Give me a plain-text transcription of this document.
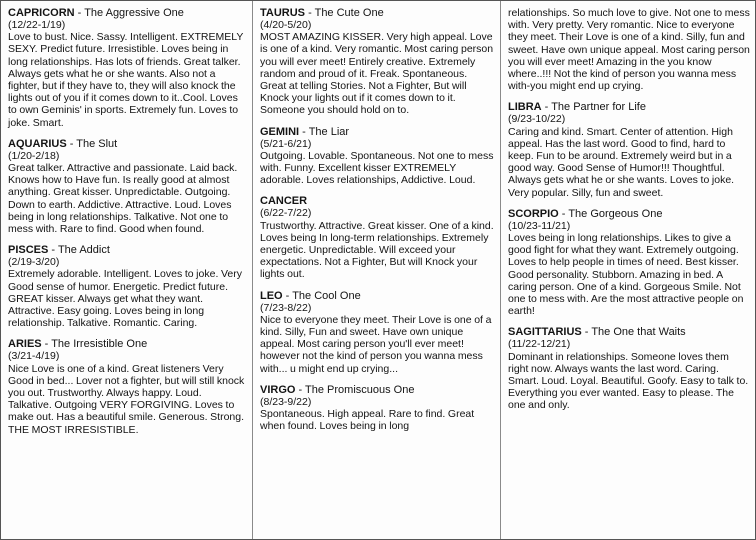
CAPRICORN - The Aggressive One
(12/22-1/19)
Love to bust. Nice. Sassy. Intelligent. EXTREMELY SEXY. Predict future. Irresistible. Loves being in long relationships. Has lots of friends. Great talker. Always gets what he or she wants. Also not a fighter, but if they have to, they will also knock the lights out of you if it comes down to it..Cool. Loves to own Geminis' in sports. Extremely fun. Loves to joke. Smart.
AQUARIUS - The Slut
(1/20-2/18)
Great talker. Attractive and passionate. Laid back. Knows how to Have fun. Is really good at almost anything. Great kisser. Unpredictable. Outgoing. Down to earth. Addictive. Attractive. Loud. Loves being in long relationships. Talkative. Not one to mess with. Rare to find. Good when found.
PISCES - The Addict
(2/19-3/20)
Extremely adorable. Intelligent. Loves to joke. Very Good sense of humor. Energetic. Predict future. GREAT kisser. Always get what they want. Attractive. Easy going. Loves being in long relationship. Talkative. Romantic. Caring.
ARIES - The Irresistible One
(3/21-4/19)
Nice Love is one of a kind. Great listeners Very Good in bed... Lover not a fighter, but will still knock you out. Trustworthy. Always happy. Loud. Talkative. Outgoing VERY FORGIVING. Loves to make out. Has a beautiful smile. Generous. Strong. THE MOST IRRESISTIBLE.
TAURUS - The Cute One
(4/20-5/20)
MOST AMAZING KISSER. Very high appeal. Love is one of a kind. Very romantic. Most caring person you will ever meet! Entirely creative. Extremely random and proud of it. Freak. Spontaneous. Great at telling Stories. Not a Fighter, But will Knock your lights out if it comes down to it. Someone you should hold on to.
GEMINI - The Liar
(5/21-6/21)
Outgoing. Lovable. Spontaneous. Not one to mess with. Funny. Excellent kisser EXTREMELY adorable. Loves relationships, Addictive. Loud.
CANCER
(6/22-7/22)
Trustworthy. Attractive. Great kisser. One of a kind. Loves being In long-term relationships. Extremely energetic. Unpredictable. Will exceed your expectations. Not a Fighter, But will Knock your lights out.
LEO - The Cool One
(7/23-8/22)
Nice to everyone they meet. Their Love is one of a kind. Silly, Fun and sweet. Have own unique appeal. Most caring person you'll ever meet! however not the kind of person you wanna mess with... u might end up crying...
VIRGO - The Promiscuous One
(8/23-9/22)
Spontaneous. High appeal. Rare to find. Great when found. Loves being in long
relationships. So much love to give. Not one to mess with. Very pretty. Very romantic. Nice to everyone they meet. Their Love is one of a kind. Silly, fun and sweet. Have own unique appeal. Most caring person you will ever meet! Amazing in the you know where..!!! Not the kind of person you wanna mess with-you might end up crying.
LIBRA - The Partner for Life
(9/23-10/22)
Caring and kind. Smart. Center of attention. High appeal. Has the last word. Good to find, hard to keep. Fun to be around. Extremely weird but in a good way. Good Sense of Humor!!! Thoughtful. Always gets what he or she wants. Loves to joke. Very popular. Silly, fun and sweet.
SCORPIO - The Gorgeous One
(10/23-11/21)
Loves being in long relationships. Likes to give a good fight for what they want. Extremely outgoing. Loves to help people in times of need. Best kisser. Good personality. Stubborn. Amazing in bed. A caring person. One of a kind. Gorgeous Smile. Not one to mess with. Are the most attractive people on earth!
SAGITTARIUS - The One that Waits
(11/22-12/21)
Dominant in relationships. Someone loves them right now. Always wants the last word. Caring. Smart. Loud. Loyal. Beautiful. Goofy. Easy to talk to. Everything you ever wanted. Easy to please. The one and only.
